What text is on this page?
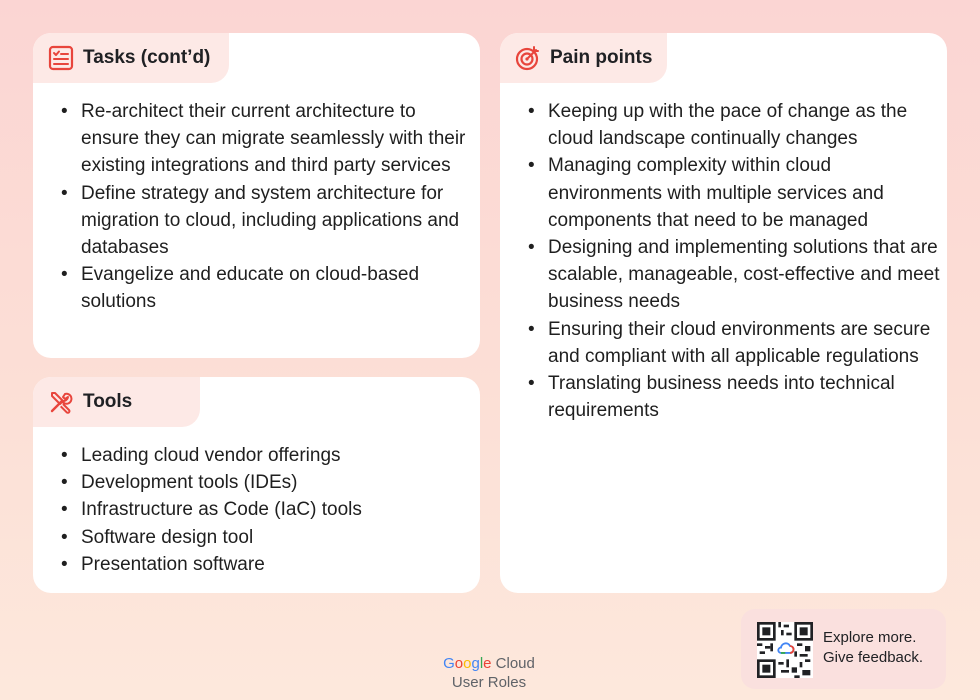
Tasks (cont’d)
• Re-architect their current architecture to ensure they can migrate seamlessly with their existing integrations and third party services
• Define strategy and system architecture for migration to cloud, including applications and databases
• Evangelize and educate on cloud-based solutions
Tools
• Leading cloud vendor offerings
• Development tools (IDEs)
• Infrastructure as Code (IaC) tools
• Software design tool
• Presentation software
Pain points
• Keeping up with the pace of change as the cloud landscape continually changes
• Managing complexity within cloud environments with multiple services and components that need to be managed
• Designing and implementing solutions that are scalable, manageable, cost-effective and meet business needs
• Ensuring their cloud environments are secure and compliant with all applicable regulations
• Translating business needs into technical requirements
Google Cloud
User Roles
Explore more.
Give feedback.
